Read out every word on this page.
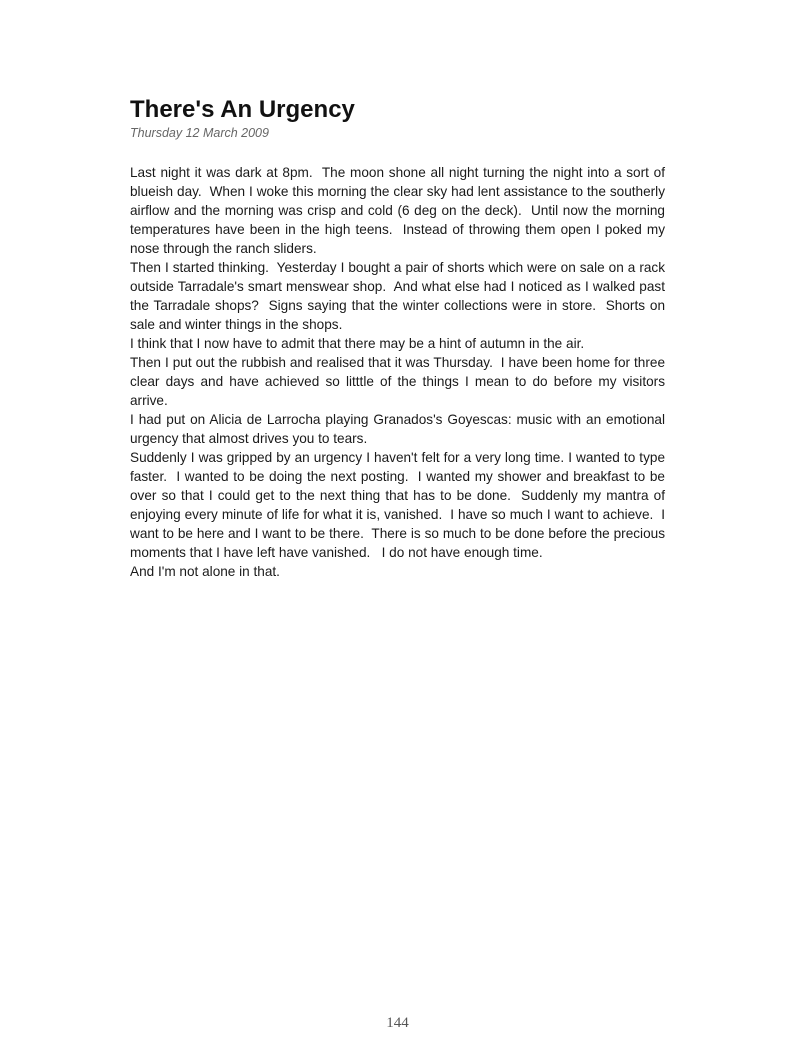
There's An Urgency
Thursday 12 March 2009

Last night it was dark at 8pm.  The moon shone all night turning the night into a sort of blueish day.  When I woke this morning the clear sky had lent assistance to the southerly airflow and the morning was crisp and cold (6 deg on the deck).  Until now the morning temperatures have been in the high teens.  Instead of throwing them open I poked my nose through the ranch sliders.

Then I started thinking.  Yesterday I bought a pair of shorts which were on sale on a rack outside Tarradale's smart menswear shop.  And what else had I noticed as I walked past the Tarradale shops?  Signs saying that the winter collections were in store.  Shorts on sale and winter things in the shops.

I think that I now have to admit that there may be a hint of autumn in the air.

Then I put out the rubbish and realised that it was Thursday.  I have been home for three clear days and have achieved so litttle of the things I mean to do before my visitors arrive.

I had put on Alicia de Larrocha playing Granados's Goyescas: music with an emotional urgency that almost drives you to tears.

Suddenly I was gripped by an urgency I haven't felt for a very long time. I wanted to type faster.  I wanted to be doing the next posting.  I wanted my shower and breakfast to be over so that I could get to the next thing that has to be done.  Suddenly my mantra of enjoying every minute of life for what it is, vanished.  I have so much I want to achieve.  I want to be here and I want to be there.  There is so much to be done before the precious moments that I have left have vanished.   I do not have enough time.

And I'm not alone in that.

144
